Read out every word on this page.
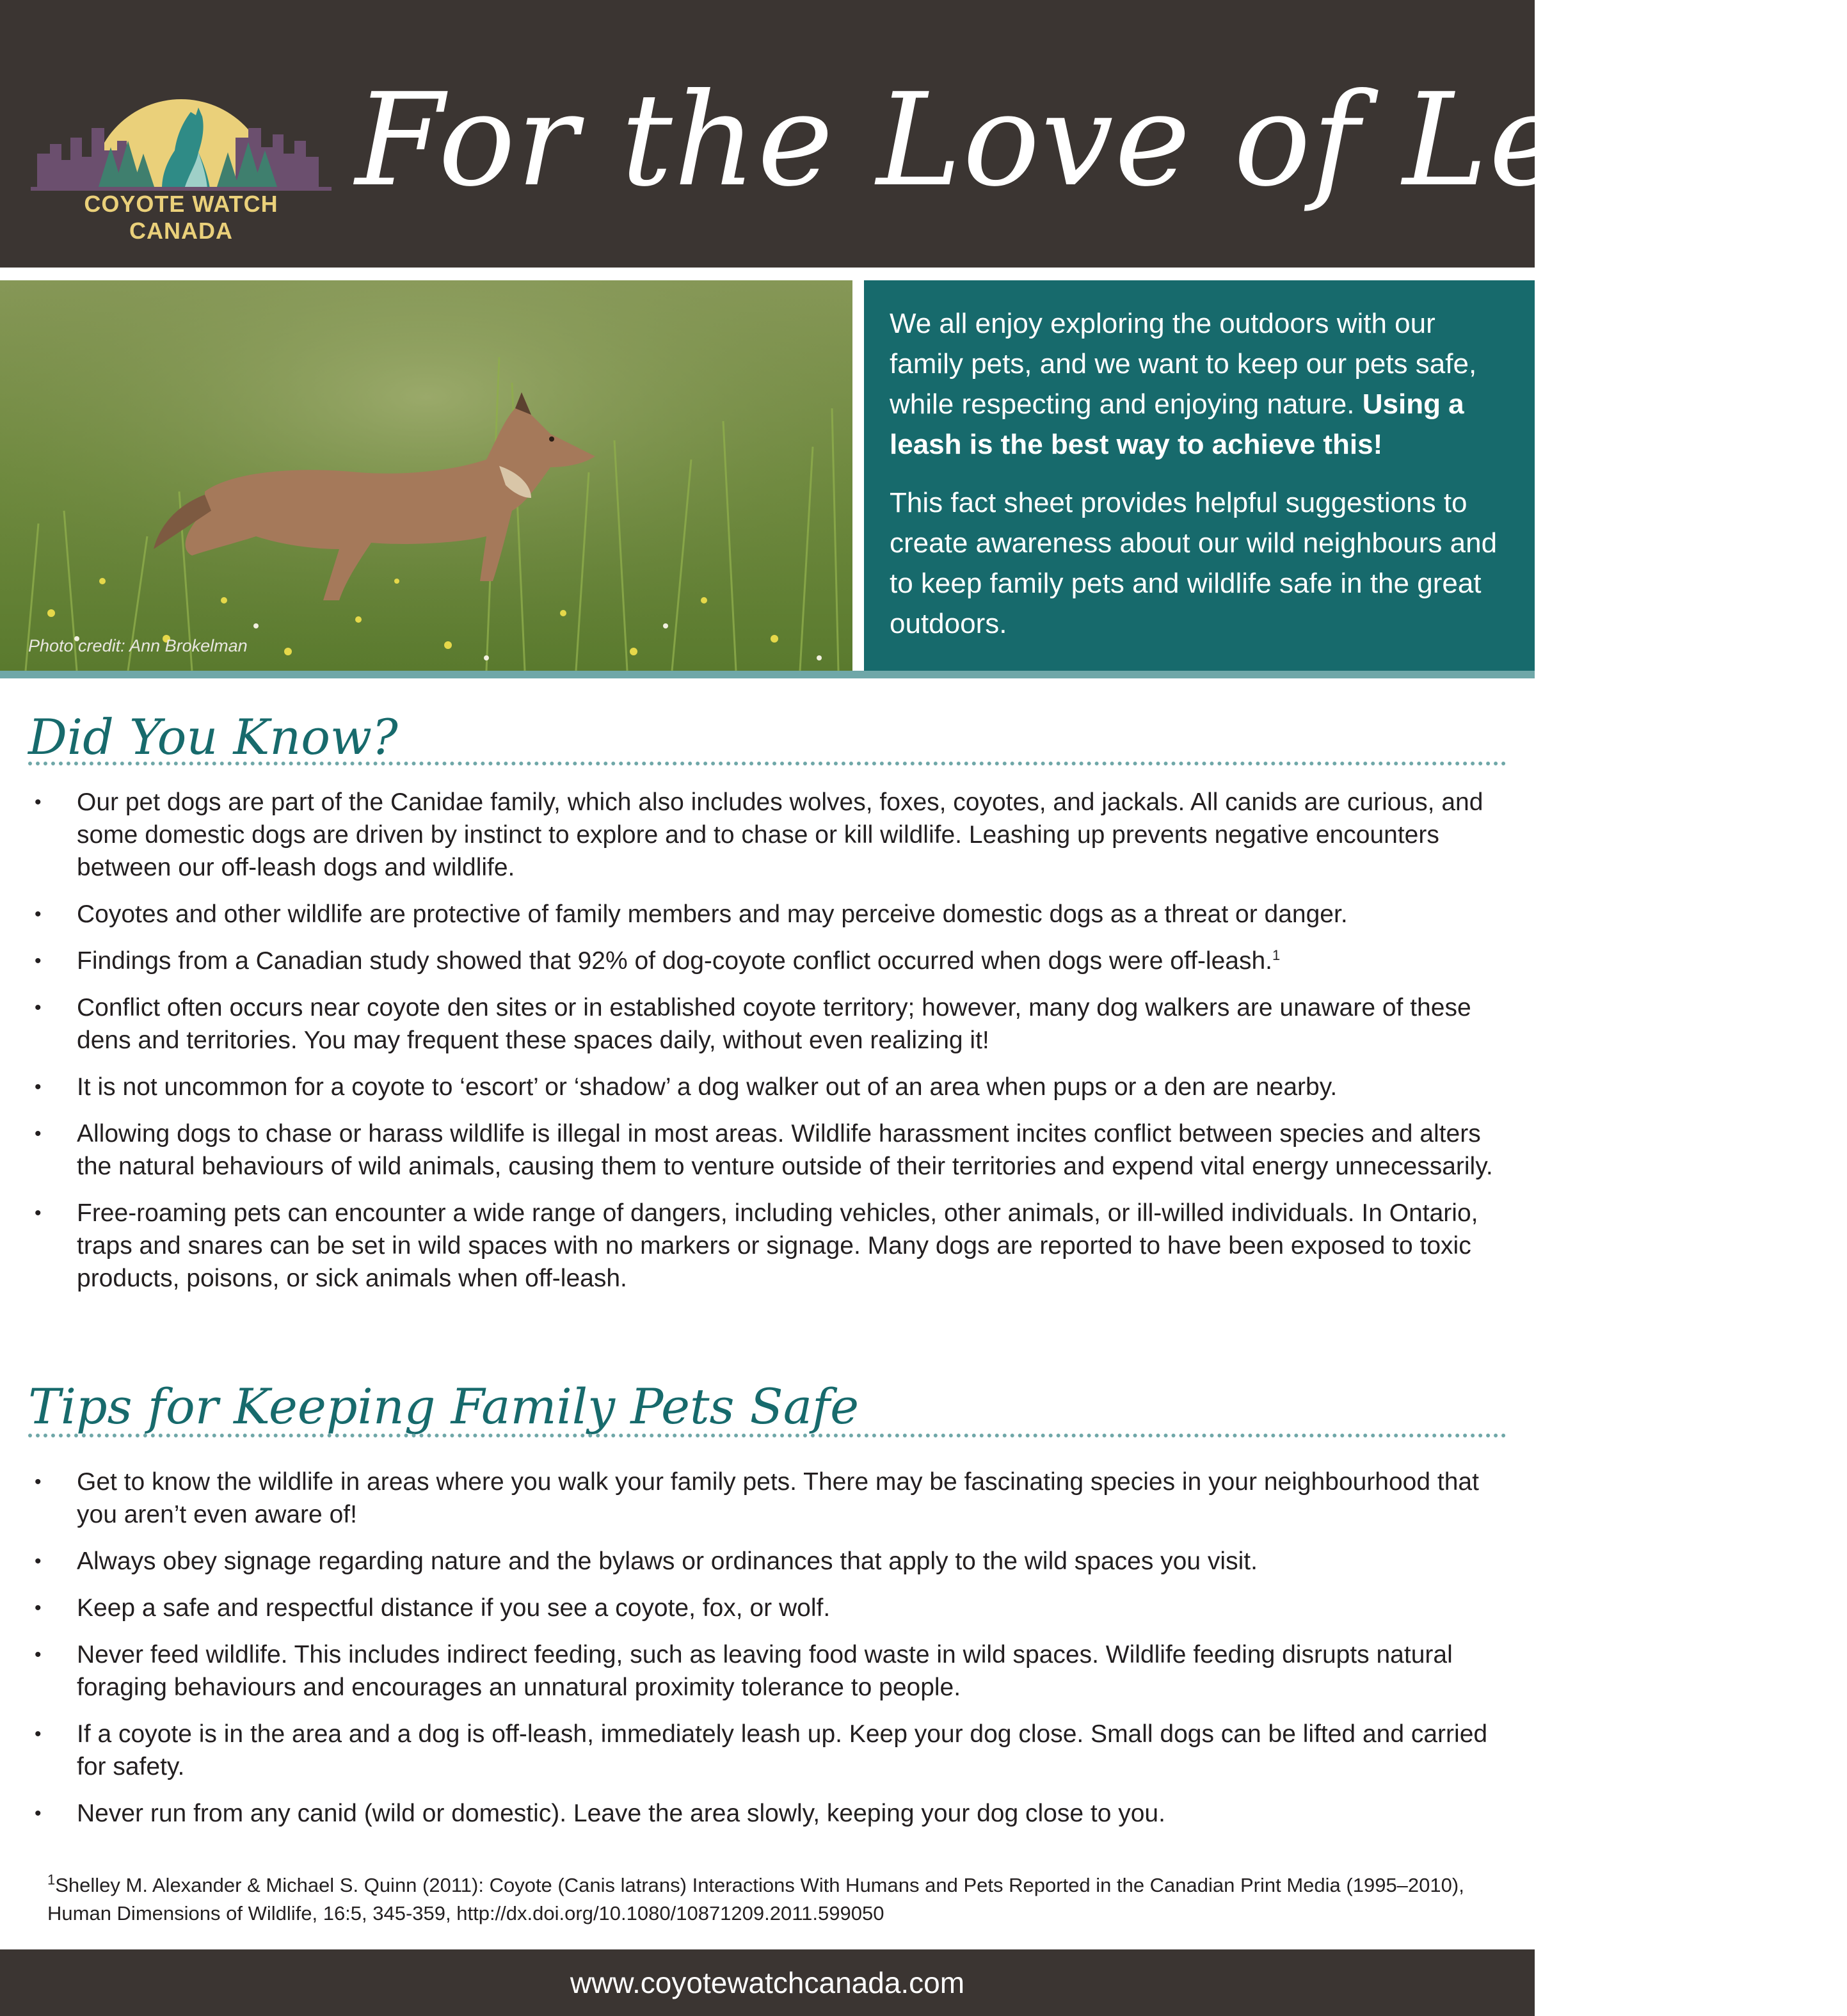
COYOTE WATCH CANADA
For the Love of Leash!
Photo credit: Ann Brokelman

We all enjoy exploring the outdoors with our family pets, and we want to keep our pets safe, while respecting and enjoying nature. Using a leash is the best way to achieve this!

This fact sheet provides helpful suggestions to create awareness about our wild neighbours and to keep family pets and wildlife safe in the great outdoors.

Did You Know?
• Our pet dogs are part of the Canidae family, which also includes wolves, foxes, coyotes, and jackals. All canids are curious, and some domestic dogs are driven by instinct to explore and to chase or kill wildlife. Leashing up prevents negative encounters between our off-leash dogs and wildlife.
• Coyotes and other wildlife are protective of family members and may perceive domestic dogs as a threat or danger.
• Findings from a Canadian study showed that 92% of dog-coyote conflict occurred when dogs were off-leash.$^1$
• Conflict often occurs near coyote den sites or in established coyote territory; however, many dog walkers are unaware of these dens and territories. You may frequent these spaces daily, without even realizing it!
• It is not uncommon for a coyote to ‘escort’ or ‘shadow’ a dog walker out of an area when pups or a den are nearby.
• Allowing dogs to chase or harass wildlife is illegal in most areas. Wildlife harassment incites conflict between species and alters the natural behaviours of wild animals, causing them to venture outside of their territories and expend vital energy unnecessarily.
• Free-roaming pets can encounter a wide range of dangers, including vehicles, other animals, or ill-willed individuals. In Ontario, traps and snares can be set in wild spaces with no markers or signage. Many dogs are reported to have been exposed to toxic products, poisons, or sick animals when off-leash.
Tips for Keeping Family Pets Safe
• Get to know the wildlife in areas where you walk your family pets. There may be fascinating species in your neighbourhood that you aren’t even aware of!
• Always obey signage regarding nature and the bylaws or ordinances that apply to the wild spaces you visit.
• Keep a safe and respectful distance if you see a coyote, fox, or wolf.
• Never feed wildlife. This includes indirect feeding, such as leaving food waste in wild spaces. Wildlife feeding disrupts natural foraging behaviours and encourages an unnatural proximity tolerance to people.
• If a coyote is in the area and a dog is off-leash, immediately leash up. Keep your dog close. Small dogs can be lifted and carried for safety.
• Never run from any canid (wild or domestic). Leave the area slowly, keeping your dog close to you.
$^1$Shelley M. Alexander & Michael S. Quinn (2011): Coyote (Canis latrans) Interactions With Humans and Pets Reported in the Canadian Print Media (1995–2010), Human Dimensions of Wildlife, 16:5, 345-359, http://dx.doi.org/10.1080/10871209.2011.599050
www.coyotewatchcanada.com
